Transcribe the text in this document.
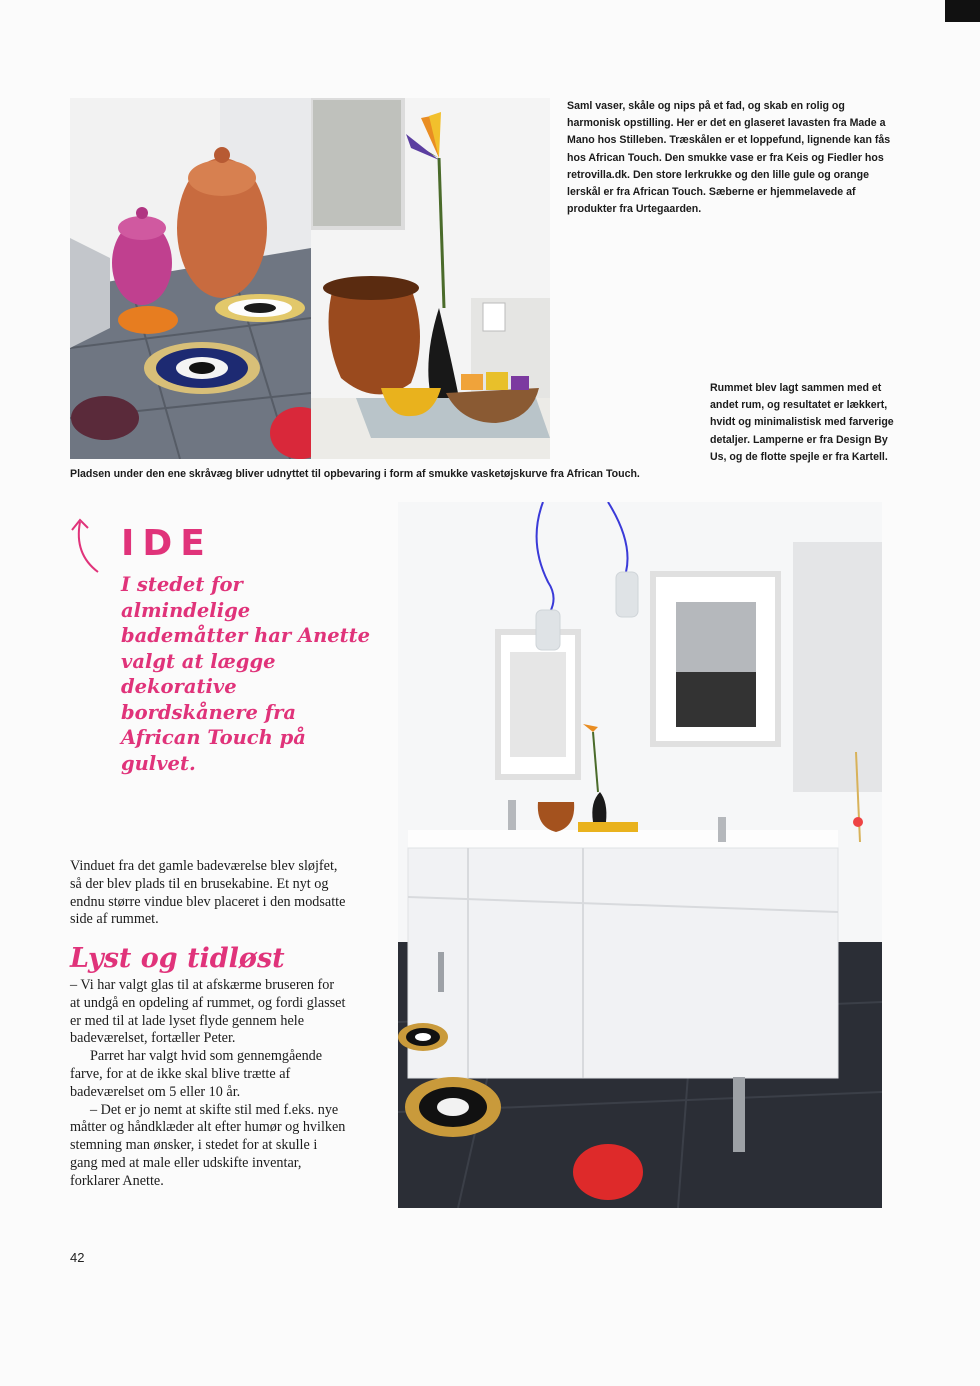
Saml vaser, skåle og nips på et fad, og skab en rolig og harmonisk opstilling. Her er det en glaseret lavasten fra Made a Mano hos Stilleben. Træskålen er et loppefund, lignende kan fås hos African Touch. Den smukke vase er fra Keis og Fiedler hos retrovilla.dk. Den store lerkrukke og den lille gule og orange lerskål er fra African Touch. Sæberne er hjemmelavede af produkter fra Urtegaarden.
Pladsen under den ene skråvæg bliver udnyttet til opbevaring i form af smukke vasketøjskurve fra African Touch.
Rummet blev lagt sammen med et andet rum, og resultatet er lækkert, hvidt og minimalistisk med farverige detaljer. Lamperne er fra Design By Us, og de flotte spejle er fra Kartell.
IDE

I stedet for almindelige bademåtter har Anette valgt at lægge dekorative bordskånere fra African Touch på gulvet.

Vinduet fra det gamle badeværelse blev sløjfet, så der blev plads til en brusekabine. Et nyt og endnu større vindue blev placeret i den modsatte side af rummet.

Lyst og tidløst

– Vi har valgt glas til at afskærme bruseren for at undgå en opdeling af rummet, og fordi glasset er med til at lade lyset flyde gennem hele badeværelset, fortæller Peter.

Parret har valgt hvid som gennemgående farve, for at de ikke skal blive trætte af badeværelset om 5 eller 10 år.

– Det er jo nemt at skifte stil med f.eks. nye måtter og håndklæder alt efter humør og hvilken stemning man ønsker, i stedet for at skulle i gang med at male eller udskifte inventar, forklarer Anette.

42
